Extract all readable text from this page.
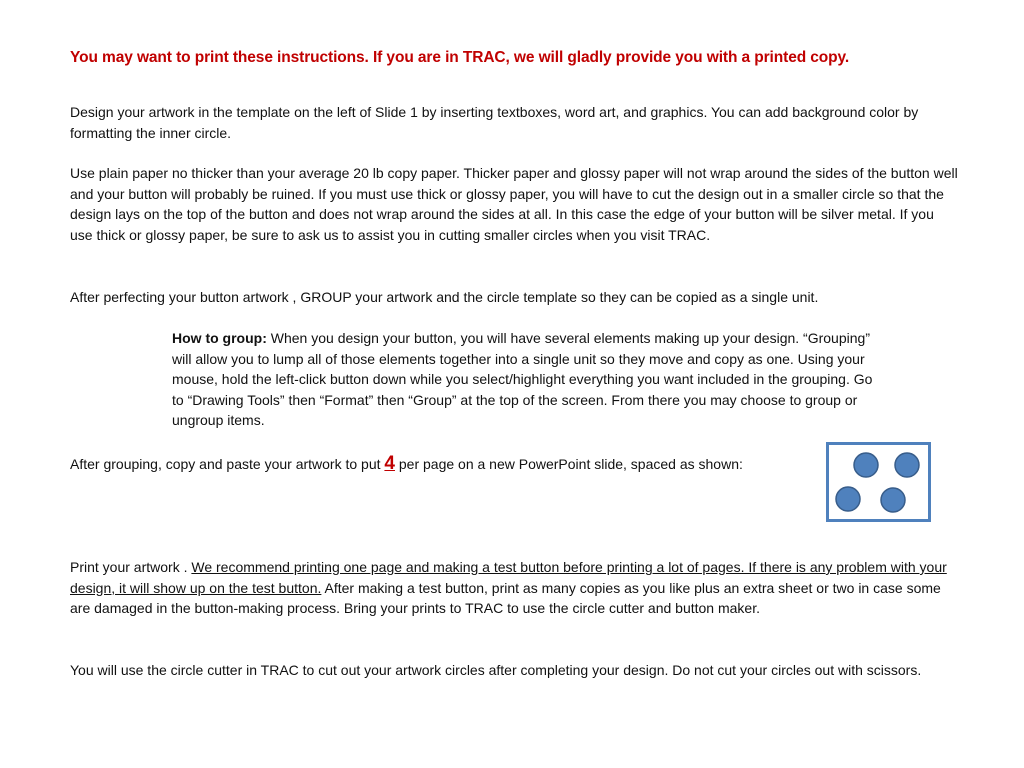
You may want to print these instructions. If you are in TRAC, we will gladly provide you with a printed copy.
Design your artwork in the template on the left of Slide 1 by inserting textboxes, word art, and graphics. You can add background color by formatting the inner circle.
Use plain paper no thicker than your average 20 lb copy paper. Thicker paper and glossy paper will not wrap around the sides of the button well and your button will probably be ruined. If you must use thick or glossy paper, you will have to cut the design out in a smaller circle so that the design lays on the top of the button and does not wrap around the sides at all. In this case the edge of your button will be silver metal. If you use thick or glossy paper, be sure to ask us to assist you in cutting smaller circles when you visit TRAC.
After perfecting your button artwork , GROUP your artwork and the circle template so they can be copied as a single unit.
How to group: When you design your button, you will have several elements making up your design. “Grouping” will allow you to lump all of those elements together into a single unit so they move and copy as one. Using your mouse, hold the left-click button down while you select/highlight everything you want included in the grouping. Go to “Drawing Tools” then “Format” then “Group” at the top of the screen. From there you may choose to group or ungroup items.
After grouping, copy and paste your artwork to put 4 per page on a new PowerPoint slide, spaced as shown:
Print your artwork . We recommend printing one page and making a test button before printing a lot of pages. If there is any problem with your design, it will show up on the test button. After making a test button, print as many copies as you like plus an extra sheet or two in case some are damaged in the button-making process. Bring your prints to TRAC to use the circle cutter and button maker.
You will use the circle cutter in TRAC to cut out your artwork circles after completing your design. Do not cut your circles out with scissors.
